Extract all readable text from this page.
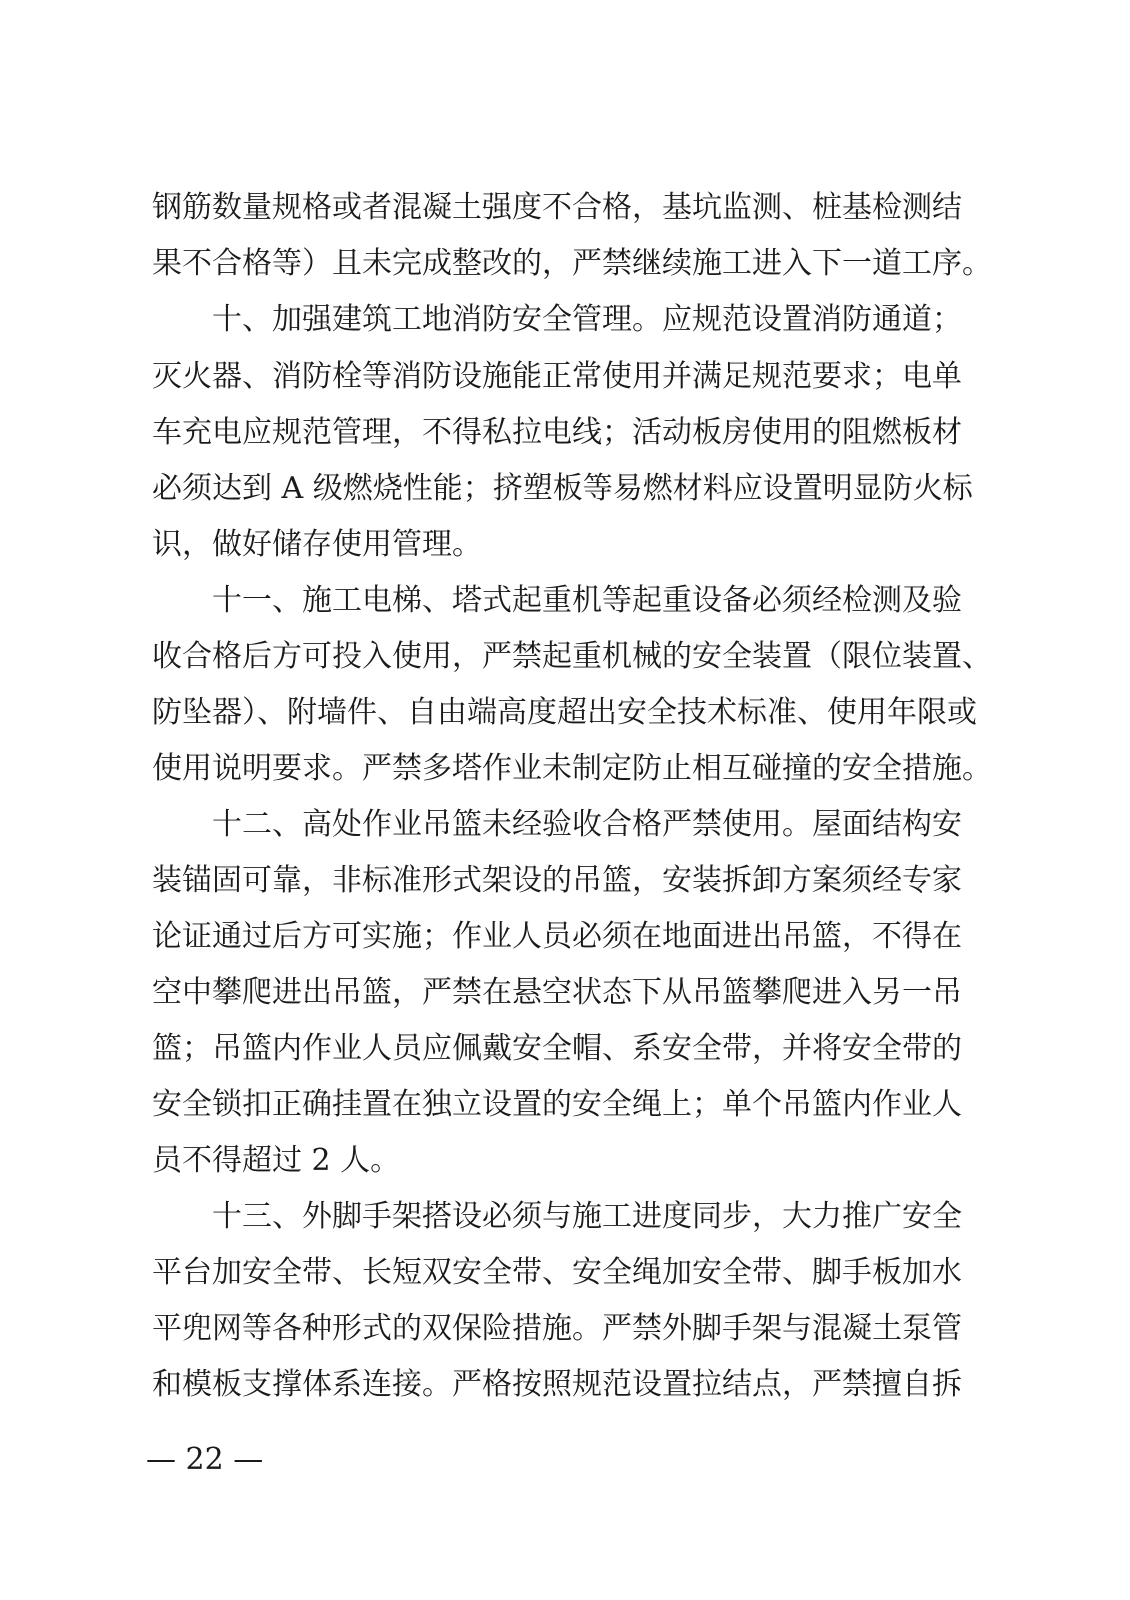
钢筋数量规格或者混凝土强度不合格，基坑监测、桩基检测结
果不合格等）且未完成整改的，严禁继续施工进入下一道工序。
十、加强建筑工地消防安全管理。应规范设置消防通道；
灭火器、消防栓等消防设施能正常使用并满足规范要求；电单
车充电应规范管理，不得私拉电线；活动板房使用的阻燃板材
必须达到 A 级燃烧性能；挤塑板等易燃材料应设置明显防火标
识，做好储存使用管理。
十一、施工电梯、塔式起重机等起重设备必须经检测及验
收合格后方可投入使用，严禁起重机械的安全装置（限位装置、
防坠器）、附墙件、自由端高度超出安全技术标准、使用年限或
使用说明要求。严禁多塔作业未制定防止相互碰撞的安全措施。
十二、高处作业吊篮未经验收合格严禁使用。屋面结构安
装锚固可靠，非标准形式架设的吊篮，安装拆卸方案须经专家
论证通过后方可实施；作业人员必须在地面进出吊篮，不得在
空中攀爬进出吊篮，严禁在悬空状态下从吊篮攀爬进入另一吊
篮；吊篮内作业人员应佩戴安全帽、系安全带，并将安全带的
安全锁扣正确挂置在独立设置的安全绳上；单个吊篮内作业人
员不得超过 2 人。
十三、外脚手架搭设必须与施工进度同步，大力推广安全
平台加安全带、长短双安全带、安全绳加安全带、脚手板加水
平兜网等各种形式的双保险措施。严禁外脚手架与混凝土泵管
和模板支撑体系连接。严格按照规范设置拉结点，严禁擅自拆
— 22 —
